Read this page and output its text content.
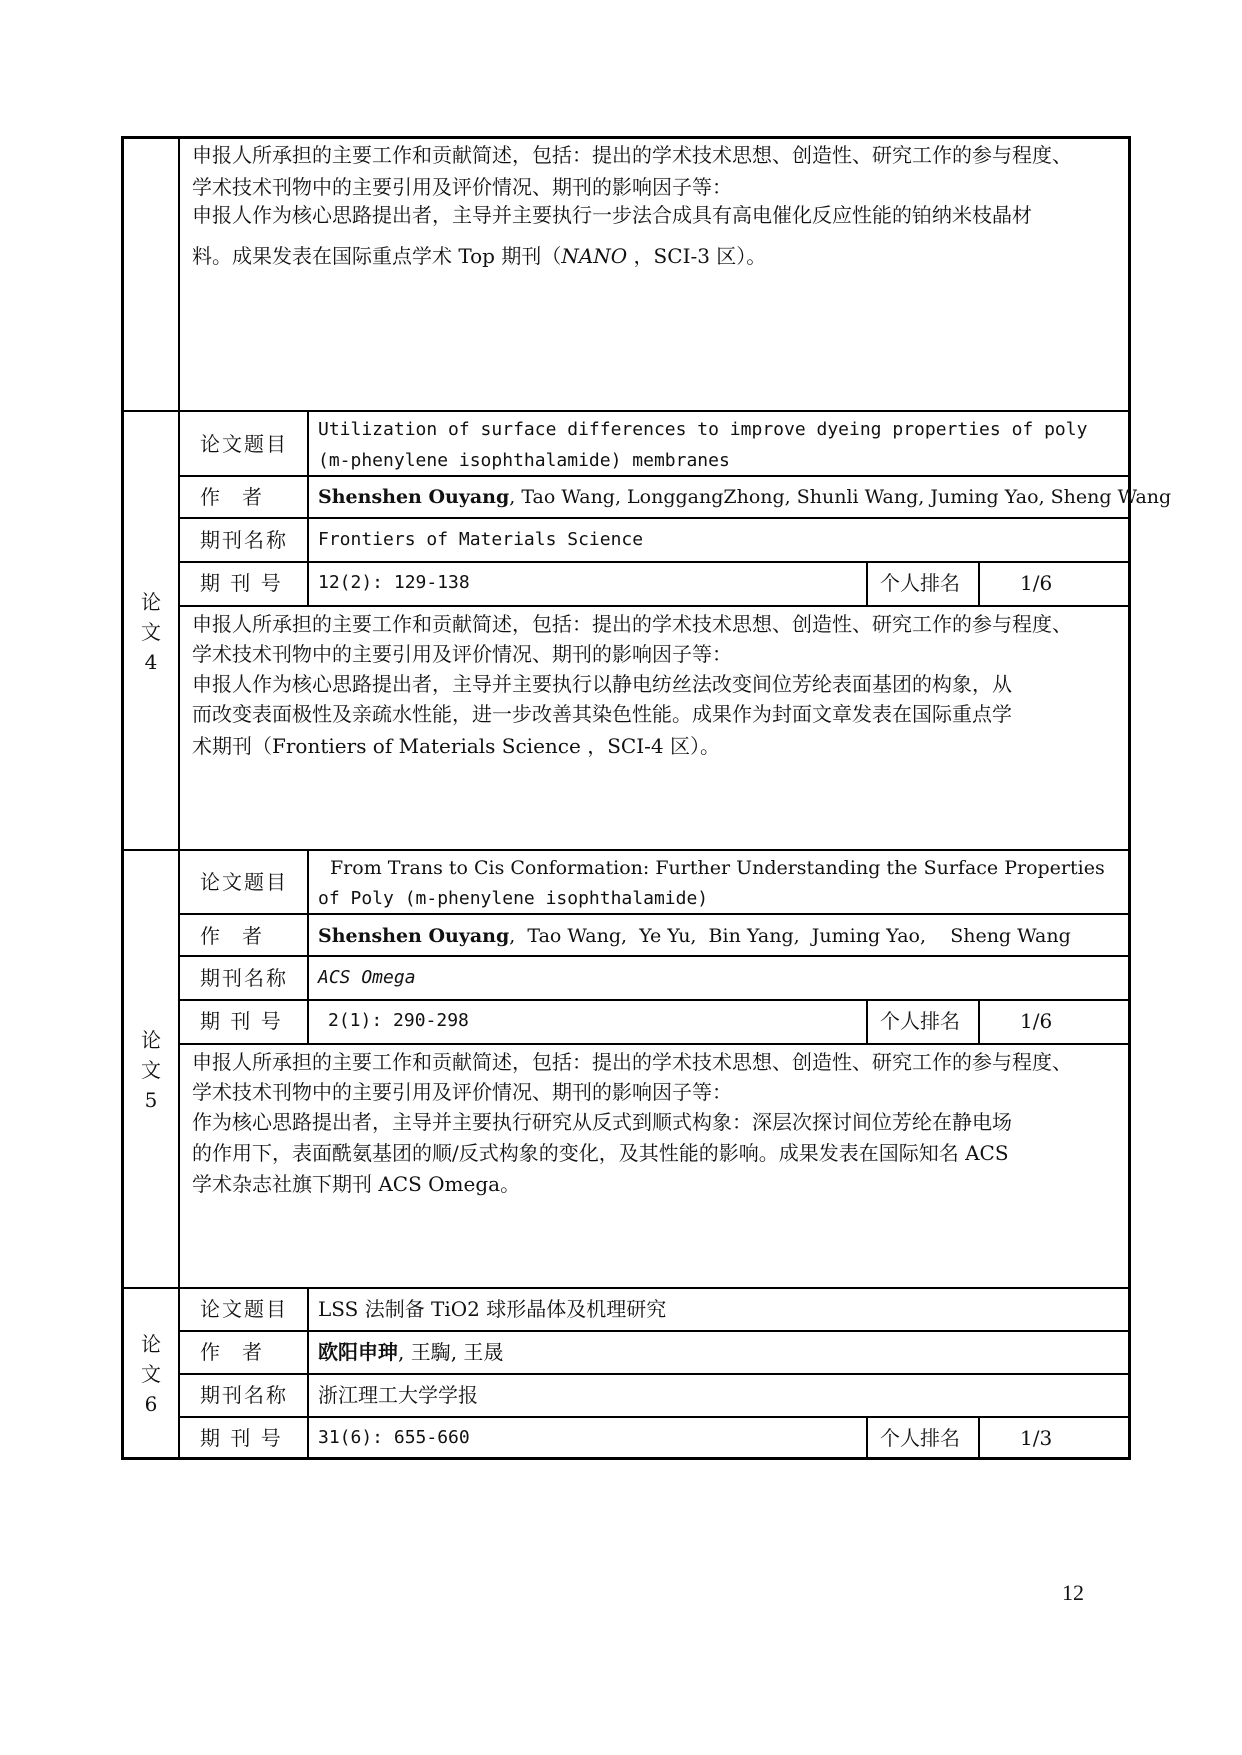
申报人所承担的主要工作和贡献简述，包括：提出的学术技术思想、创造性、研究工作的参与程度、
学术技术刊物中的主要引用及评价情况、期刊的影响因子等：
申报人作为核心思路提出者，主导并主要执行一步法合成具有高电催化反应性能的铂纳米枝晶材
料。成果发表在国际重点学术 Top 期刊（NANO ，SCI-3 区）。
论
文
4
论文题目
Utilization of surface differences to improve dyeing properties of poly
(m-phenylene isophthalamide) membranes
作者 Shenshen Ouyang, Tao Wang, LonggangZhong, Shunli Wang, Juming Yao, Sheng Wang
期刊名称 Frontiers of Materials Science
期 刊 号 12(2): 129-138	个人排名	1/6
申报人所承担的主要工作和贡献简述，包括：提出的学术技术思想、创造性、研究工作的参与程度、
学术技术刊物中的主要引用及评价情况、期刊的影响因子等：
申报人作为核心思路提出者，主导并主要执行以静电纺丝法改变间位芳纶表面基团的构象，从
而改变表面极性及亲疏水性能，进一步改善其染色性能。成果作为封面文章发表在国际重点学
术期刊（Frontiers of Materials Science ，SCI-4 区）。
论
文
5
论文题目
From Trans to Cis Conformation: Further Understanding the Surface Properties
of Poly (m-phenylene isophthalamide)
作者 Shenshen Ouyang,  Tao Wang,  Ye Yu,  Bin Yang,  Juming Yao,    Sheng Wang
期刊名称 ACS Omega
期 刊 号	2(1): 290-298	个人排名	1/6
申报人所承担的主要工作和贡献简述，包括：提出的学术技术思想、创造性、研究工作的参与程度、
学术技术刊物中的主要引用及评价情况、期刊的影响因子等：
作为核心思路提出者，主导并主要执行研究从反式到顺式构象：深层次探讨间位芳纶在静电场
的作用下，表面酰氨基团的顺/反式构象的变化，及其性能的影响。成果发表在国际知名 ACS
学术杂志社旗下期刊 ACS Omega。
论
文
6
论文题目 LSS 法制备 TiO2 球形晶体及机理研究
作者 欧阳申珅, 王騊, 王晟
期刊名称 浙江理工大学学报
期 刊 号 31(6): 655-660	个人排名	1/3
12
